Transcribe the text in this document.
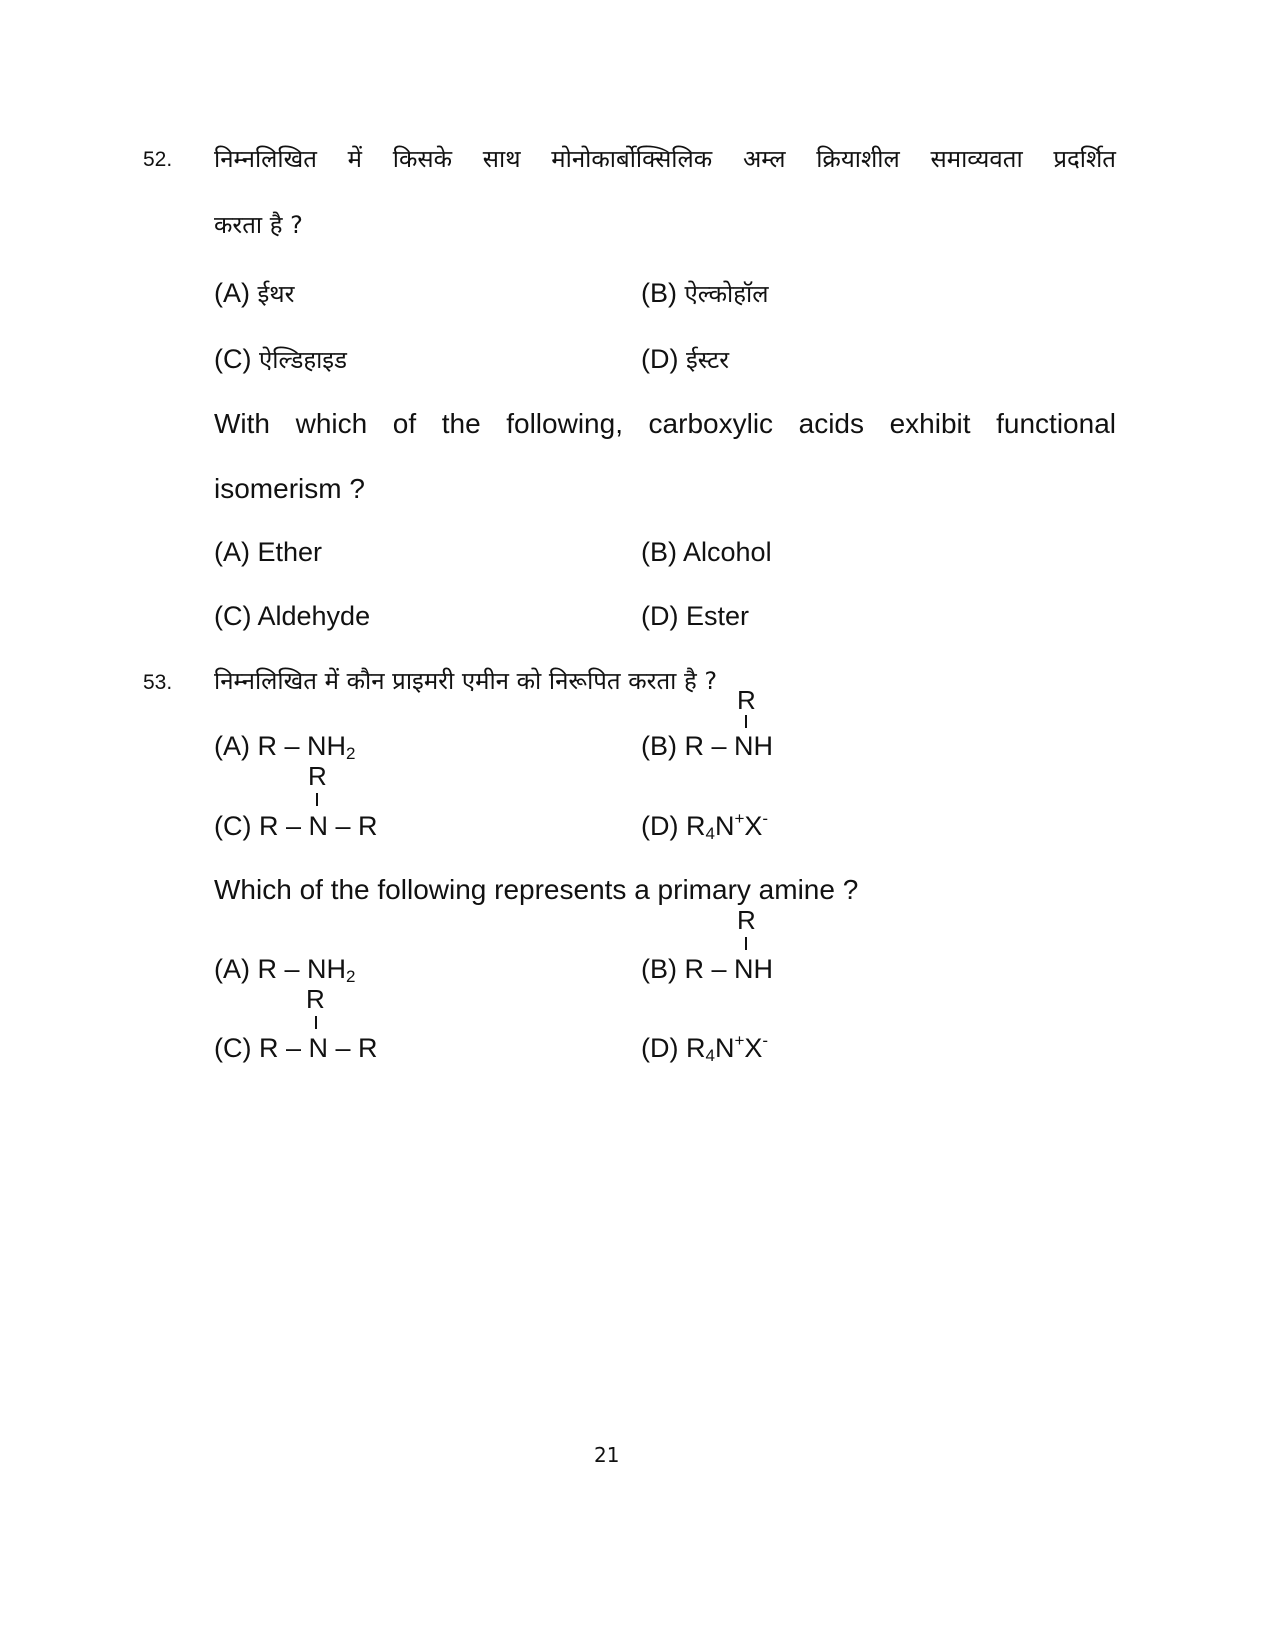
52. निम्नलिखित में किसके साथ मोनोकार्बोक्सिलिक अम्ल क्रियाशील समाव्यवता प्रदर्शित
करता है ?
(A) ईथर	(B) ऐल्कोहॉल
(C) ऐल्डिहाइड	(D) ईस्टर
With which of the following, carboxylic acids exhibit functional
isomerism ?
(A) Ether	(B) Alcohol
(C) Aldehyde	(D) Ester
53. निम्नलिखित में कौन प्राइमरी एमीन को निरूपित करता है ?
(A) R – $NH_2$	(B) R – NH
R
(C) R – N – R
R
(D) $R_4N^+X^-$
Which of the following represents a primary amine ?
(A) R – $NH_2$	(B) R – NH
R
(C) R – N – R
R
(D) $R_4N^+X^-$
21
